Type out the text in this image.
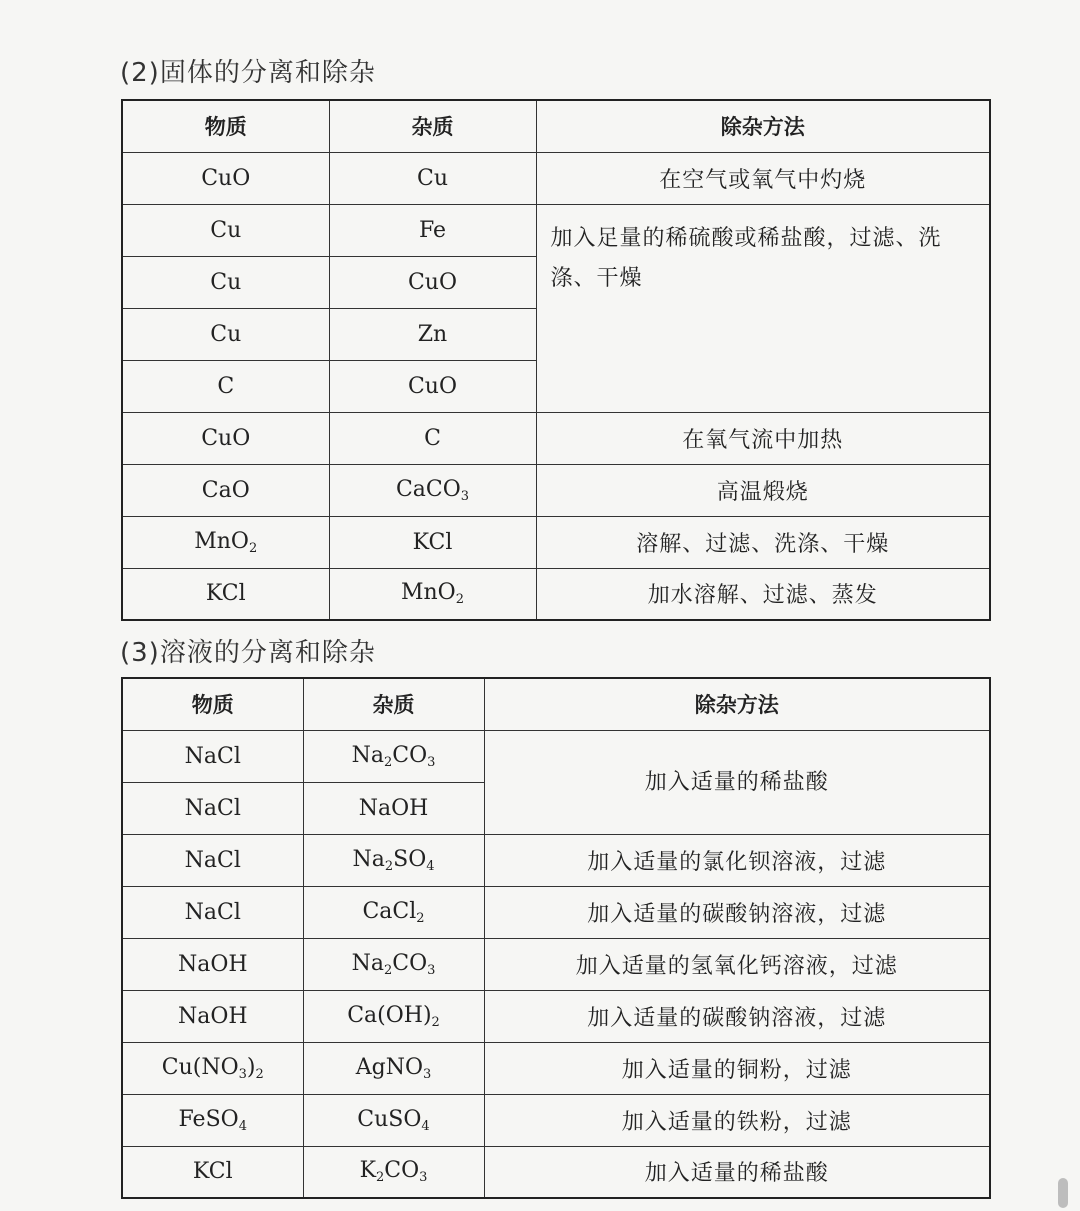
(2)固体的分离和除杂
物质	杂质	除杂方法
CuO	Cu	在空气或氧气中灼烧
Cu	Fe	加入足量的稀硫酸或稀盐酸，过滤、洗涤、干燥
Cu	CuO	
Cu	Zn	
C	CuO	
CuO	C	在氧气流中加热
CaO	CaCO$_3$	高温煅烧
MnO$_2$	KCl	溶解、过滤、洗涤、干燥
KCl	MnO$_2$	加水溶解、过滤、蒸发
(3)溶液的分离和除杂
物质	杂质	除杂方法
NaCl	$Na_2CO_3$	加入适量的稀盐酸
NaCl	NaOH	
NaCl	$Na_2SO_4$	加入适量的氯化钡溶液，过滤
NaCl	CaCl$_2$	加入适量的碳酸钠溶液，过滤
NaOH	$Na_2CO_3$	加入适量的氢氧化钙溶液，过滤
NaOH	$Ca(OH)_2$	加入适量的碳酸钠溶液，过滤
$Cu(NO_3)_2$	AgNO$_3$	加入适量的铜粉，过滤
FeSO$_4$	CuSO$_4$	加入适量的铁粉，过滤
KCl	$K_2CO_3$	加入适量的稀盐酸
